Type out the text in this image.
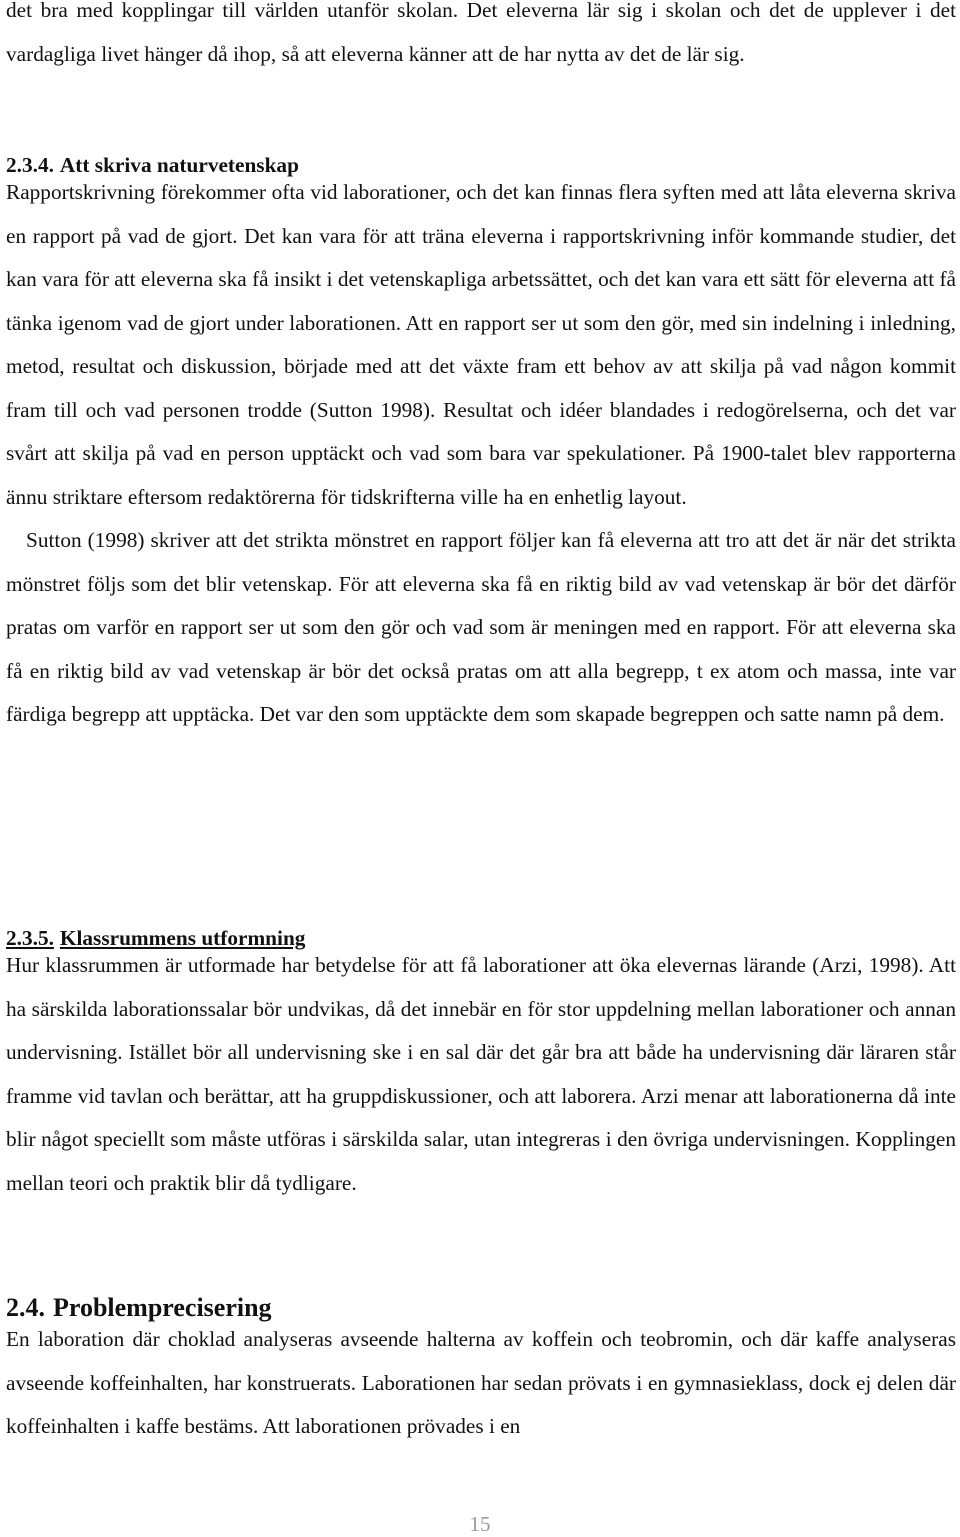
det bra med kopplingar till världen utanför skolan. Det eleverna lär sig i skolan och det de upplever i det vardagliga livet hänger då ihop, så att eleverna känner att de har nytta av det de lär sig.

2.3.4. Att skriva naturvetenskap

Rapportskrivning förekommer ofta vid laborationer, och det kan finnas flera syften med att låta eleverna skriva en rapport på vad de gjort. Det kan vara för att träna eleverna i rapportskrivning inför kommande studier, det kan vara för att eleverna ska få insikt i det vetenskapliga arbetssättet, och det kan vara ett sätt för eleverna att få tänka igenom vad de gjort under laborationen. Att en rapport ser ut som den gör, med sin indelning i inledning, metod, resultat och diskussion, började med att det växte fram ett behov av att skilja på vad någon kommit fram till och vad personen trodde (Sutton 1998). Resultat och idéer blandades i redogörelserna, och det var svårt att skilja på vad en person upptäckt och vad som bara var spekulationer. På 1900-talet blev rapporterna ännu striktare eftersom redaktörerna för tidskrifterna ville ha en enhetlig layout.

Sutton (1998) skriver att det strikta mönstret en rapport följer kan få eleverna att tro att det är när det strikta mönstret följs som det blir vetenskap. För att eleverna ska få en riktig bild av vad vetenskap är bör det därför pratas om varför en rapport ser ut som den gör och vad som är meningen med en rapport. För att eleverna ska få en riktig bild av vad vetenskap är bör det också pratas om att alla begrepp, t ex atom och massa, inte var färdiga begrepp att upptäcka. Det var den som upptäckte dem som skapade begreppen och satte namn på dem.

2.3.5. Klassrummens utformning

Hur klassrummen är utformade har betydelse för att få laborationer att öka elevernas lärande (Arzi, 1998). Att ha särskilda laborationssalar bör undvikas, då det innebär en för stor uppdelning mellan laborationer och annan undervisning. Istället bör all undervisning ske i en sal där det går bra att både ha undervisning där läraren står framme vid tavlan och berättar, att ha gruppdiskussioner, och att laborera. Arzi menar att laborationerna då inte blir något speciellt som måste utföras i särskilda salar, utan integreras i den övriga undervisningen. Kopplingen mellan teori och praktik blir då tydligare.

2.4. Problemprecisering

En laboration där choklad analyseras avseende halterna av koffein och teobromin, och där kaffe analyseras avseende koffeinhalten, har konstruerats. Laborationen har sedan prövats i en gymnasieklass, dock ej delen där koffeinhalten i kaffe bestäms. Att laborationen prövades i en

15
